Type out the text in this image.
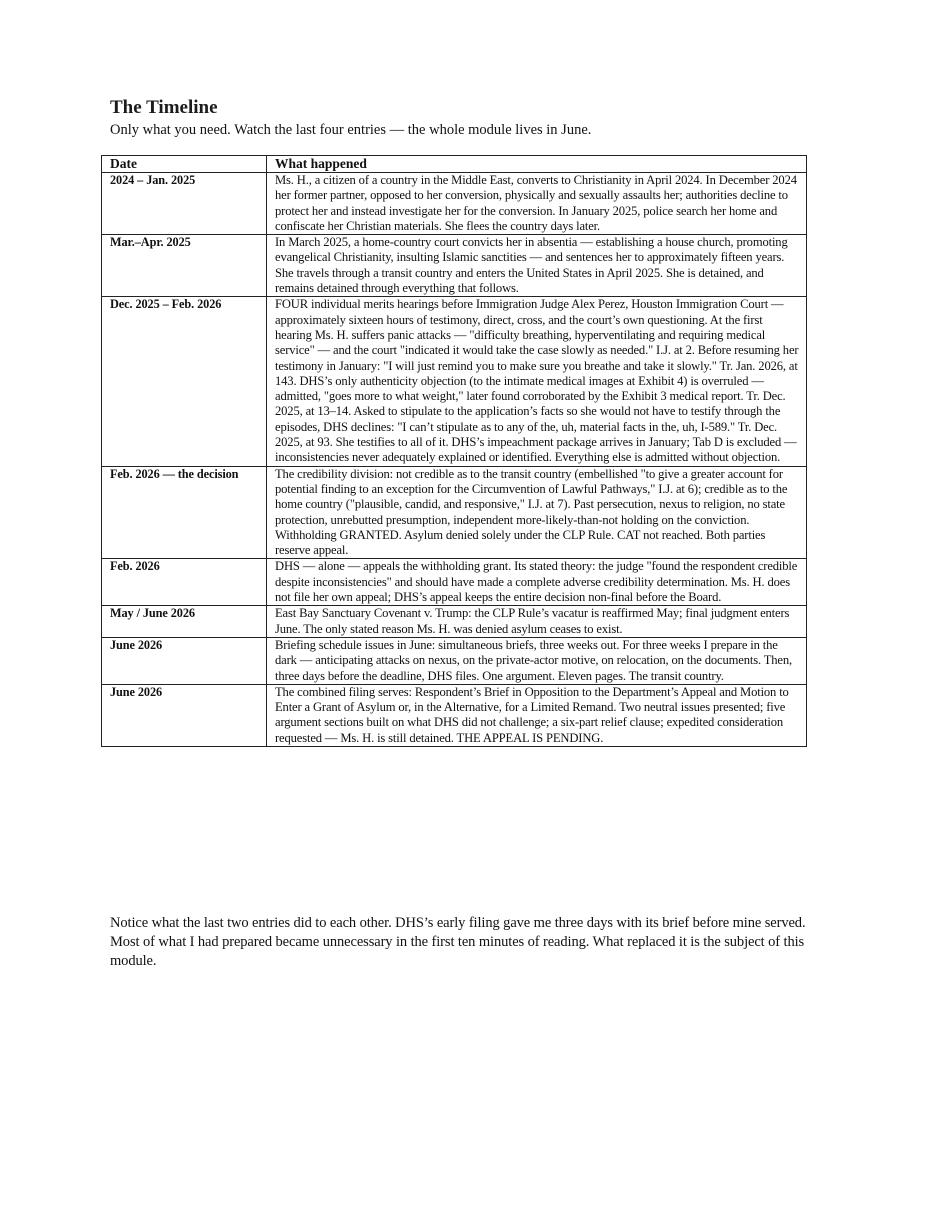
The Timeline

Only what you need. Watch the last four entries — the whole module lives in June.

Date	What happened
2024 – Jan. 2025	Ms. H., a citizen of a country in the Middle East, converts to Christianity in April 2024. In December 2024 her former partner, opposed to her conversion, physically and sexually assaults her; authorities decline to protect her and instead investigate her for the conversion. In January 2025, police search her home and confiscate her Christian materials. She flees the country days later.
Mar.–Apr. 2025	In March 2025, a home-country court convicts her in absentia — establishing a house church, promoting evangelical Christianity, insulting Islamic sanctities — and sentences her to approximately fifteen years. She travels through a transit country and enters the United States in April 2025. She is detained, and remains detained through everything that follows.
Dec. 2025 – Feb. 2026	FOUR individual merits hearings before Immigration Judge Alex Perez, Houston Immigration Court — approximately sixteen hours of testimony, direct, cross, and the court’s own questioning. At the first hearing Ms. H. suffers panic attacks — "difficulty breathing, hyperventilating and requiring medical service" — and the court "indicated it would take the case slowly as needed." I.J. at 2. Before resuming her testimony in January: "I will just remind you to make sure you breathe and take it slowly." Tr. Jan. 2026, at 143. DHS’s only authenticity objection (to the intimate medical images at Exhibit 4) is overruled — admitted, "goes more to what weight," later found corroborated by the Exhibit 3 medical report. Tr. Dec. 2025, at 13–14. Asked to stipulate to the application’s facts so she would not have to testify through the episodes, DHS declines: "I can’t stipulate as to any of the, uh, material facts in the, uh, I-589." Tr. Dec. 2025, at 93. She testifies to all of it. DHS’s impeachment package arrives in January; Tab D is excluded — inconsistencies never adequately explained or identified. Everything else is admitted without objection.
Feb. 2026 — the decision	The credibility division: not credible as to the transit country (embellished "to give a greater account for potential finding to an exception for the Circumvention of Lawful Pathways," I.J. at 6); credible as to the home country ("plausible, candid, and responsive," I.J. at 7). Past persecution, nexus to religion, no state protection, unrebutted presumption, independent more-likely-than-not holding on the conviction. Withholding GRANTED. Asylum denied solely under the CLP Rule. CAT not reached. Both parties reserve appeal.
Feb. 2026	DHS — alone — appeals the withholding grant. Its stated theory: the judge "found the respondent credible despite inconsistencies" and should have made a complete adverse credibility determination. Ms. H. does not file her own appeal; DHS’s appeal keeps the entire decision non-final before the Board.
May / June 2026	East Bay Sanctuary Covenant v. Trump: the CLP Rule’s vacatur is reaffirmed May; final judgment enters June. The only stated reason Ms. H. was denied asylum ceases to exist.
June 2026	Briefing schedule issues in June: simultaneous briefs, three weeks out. For three weeks I prepare in the dark — anticipating attacks on nexus, on the private-actor motive, on relocation, on the documents. Then, three days before the deadline, DHS files. One argument. Eleven pages. The transit country.
June 2026	The combined filing serves: Respondent’s Brief in Opposition to the Department’s Appeal and Motion to Enter a Grant of Asylum or, in the Alternative, for a Limited Remand. Two neutral issues presented; five argument sections built on what DHS did not challenge; a six-part relief clause; expedited consideration requested — Ms. H. is still detained. THE APPEAL IS PENDING.

Notice what the last two entries did to each other. DHS’s early filing gave me three days with its brief before mine served. Most of what I had prepared became unnecessary in the first ten minutes of reading. What replaced it is the subject of this module.
